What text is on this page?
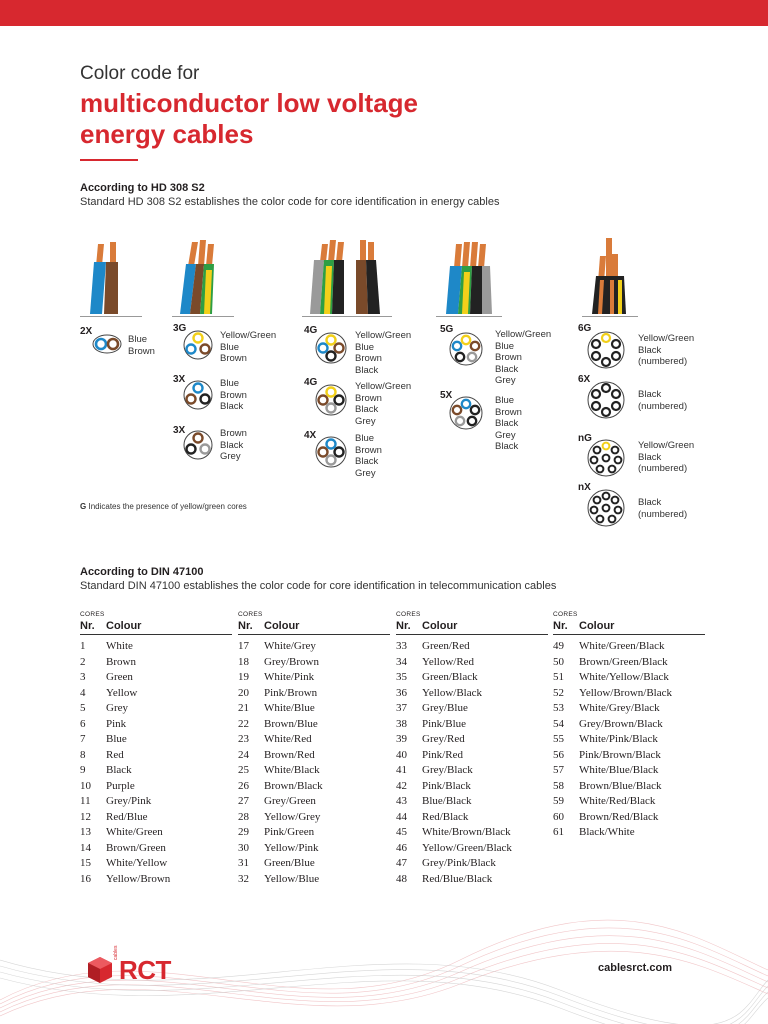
Color code for
multiconductor low voltage
energy cables
According to HD 308 S2
Standard HD 308 S2 establishes the color code for core identification in energy cables
2X
Blue
Brown
3G
Yellow/Green
Blue
Brown
3X	Blue
Brown
Black
3X	Brown
Black
Grey
4G	Yellow/Green
Blue
Brown
Black
4G	Yellow/Green
Brown
Black
Grey
4X	Blue
Brown
Black
Grey
5G	Yellow/Green
Blue
Brown
Black
Grey
5X	Blue
Brown
Black
Grey
Black
6G
Yellow/Green
Black
(numbered)
6X
Black
(numbered)
nG
Yellow/Green
Black
(numbered)
nX
Black
(numbered)
G Indicates the presence of yellow/green cores
According to DIN 47100
Standard DIN 47100 establishes the color code for core identification in telecommunication cables
CORES
Nr.	Colour
1	White
2	Brown
3	Green
4	Yellow
5	Grey
6	Pink
7	Blue
8	Red
9	Black
10	Purple
11	Grey/Pink
12	Red/Blue
13	White/Green
14	Brown/Green
15	White/Yellow
16	Yellow/Brown
CORES
Nr.	Colour
17	White/Grey
18	Grey/Brown
19	White/Pink
20	Pink/Brown
21	White/Blue
22	Brown/Blue
23	White/Red
24	Brown/Red
25	White/Black
26	Brown/Black
27	Grey/Green
28	Yellow/Grey
29	Pink/Green
30	Yellow/Pink
31	Green/Blue
32	Yellow/Blue
CORES
Nr.	Colour
33	Green/Red
34	Yellow/Red
35	Green/Black
36	Yellow/Black
37	Grey/Blue
38	Pink/Blue
39	Grey/Red
40	Pink/Red
41	Grey/Black
42	Pink/Black
43	Blue/Black
44	Red/Black
45	White/Brown/Black
46	Yellow/Green/Black
47	Grey/Pink/Black
48	Red/Blue/Black
CORES
Nr.	Colour
49	White/Green/Black
50	Brown/Green/Black
51	White/Yellow/Black
52	Yellow/Brown/Black
53	White/Grey/Black
54	Grey/Brown/Black
55	White/Pink/Black
56	Pink/Brown/Black
57	White/Blue/Black
58	Brown/Blue/Black
59	White/Red/Black
60	Brown/Red/Black
61	Black/White
cables
RCT	cablesrct.com
